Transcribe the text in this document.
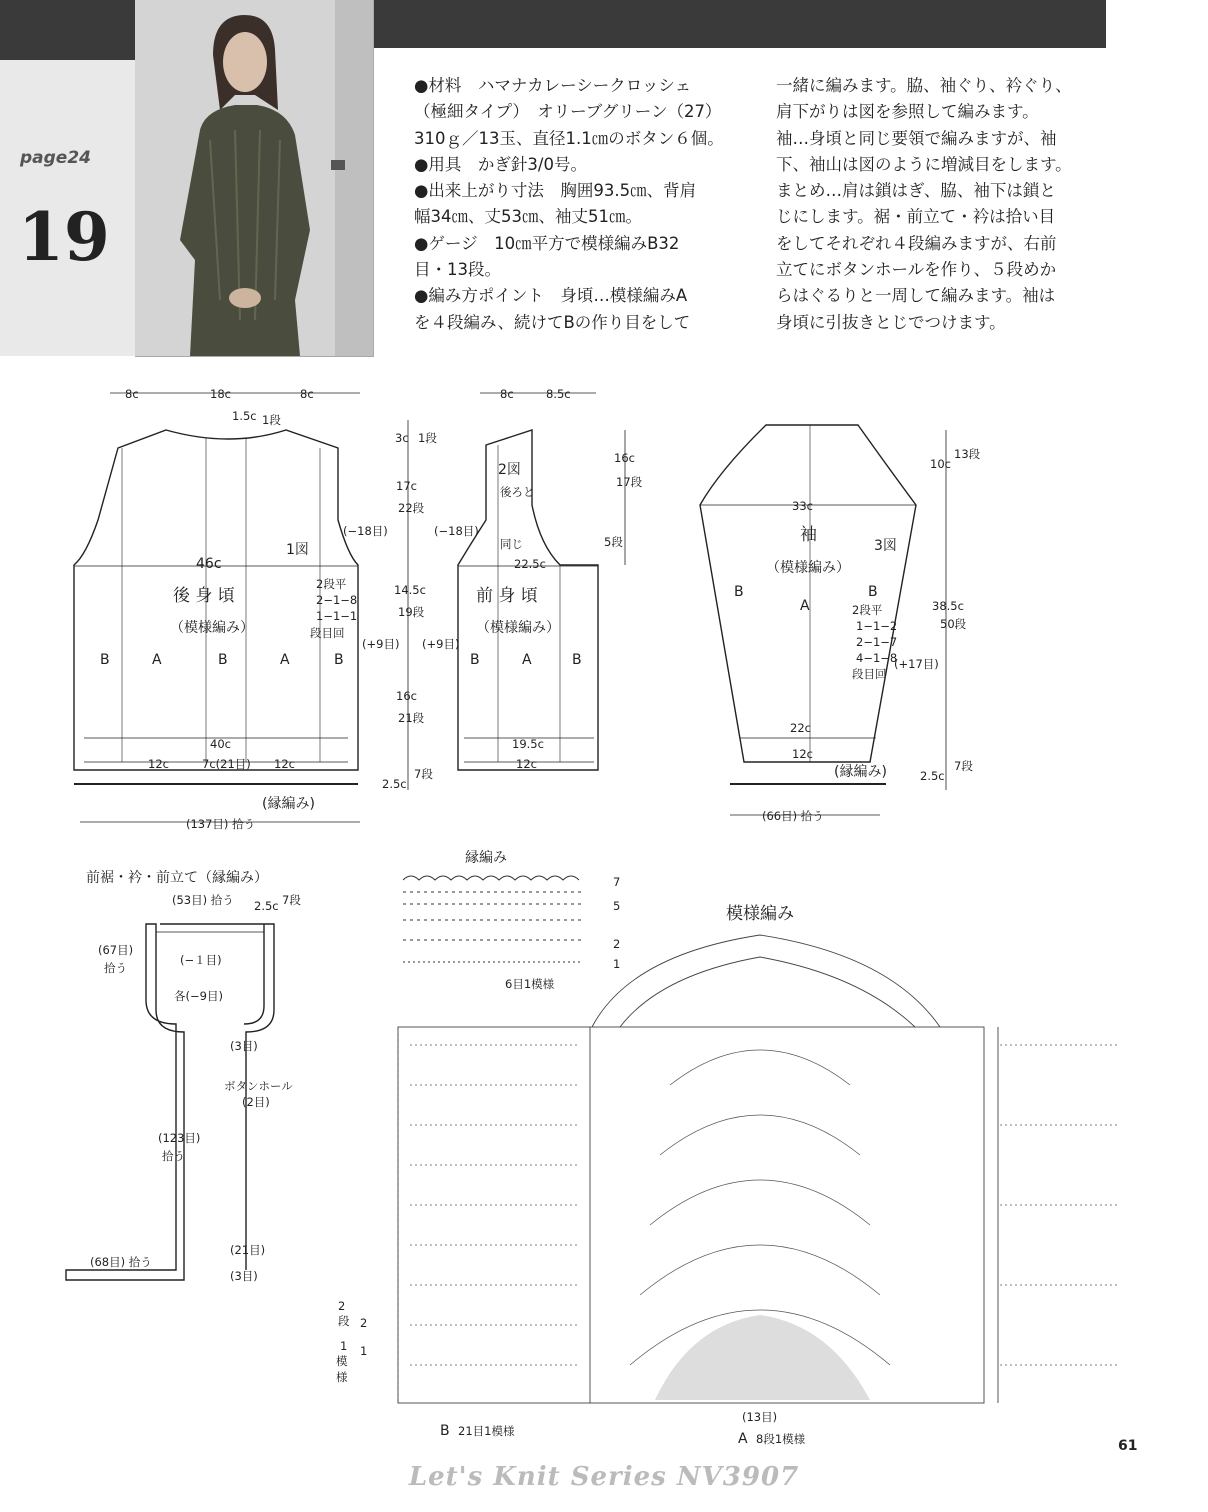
page24
19

●材料　ハマナカレーシークロッシェ

（極細タイプ）　オリーブグリーン（27）

310ｇ／13玉、直径1.1㎝のボタン６個。

●用具　かぎ針3/0号。

●出来上がり寸法　胸囲93.5㎝、背肩

幅34㎝、丈53㎝、袖丈51㎝。

●ゲージ　10㎝平方で模様編みB32

目・13段。

●編み方ポイント　身頃…模様編みA

を４段編み、続けてBの作り目をして

一緒に編みます。脇、袖ぐり、衿ぐり、

肩下がりは図を参照して編みます。

袖…身頃と同じ要領で編みますが、袖

下、袖山は図のように増減目をします。

まとめ…肩は鎖はぎ、脇、袖下は鎖と

じにします。裾・前立て・衿は拾い目

をしてそれぞれ４段編みますが、右前

立てにボタンホールを作り、５段めか

らはぐるりと一周して編みます。袖は

身頃に引抜きとじでつけます。

8c	18c	8c
1.5c 1段
1図
46c
(−18目)
後 身 頃
（模様編み）
2段平
2−1−8
1−1−1
段目回
(+9目)
B	A	B	A	B
40c
12c	7c(21目) 12c
(縁編み)
(137目) 拾う
3c 1段
17c
22段
14.5c
19段
16c
21段
2.5c
7段
8c	8.5c
2図
後ろと
同じ
(−18目)
22.5c
前 身 頃
（模様編み）
(+9目)
B	A	B
19.5c
12c
16c
17段
5段
33c
袖
3図
（模様編み）
B
A
B
2段平
1−1−2
2−1−7
4−1−8
段目回
(+17目)
22c
12c
(縁編み)
(66目) 拾う
10c
13段
38.5c
50段
2.5c
7段
前裾・衿・前立て（縁編み）
(53目) 拾う 2.5c 7段
(−１目)
(67目)
拾う
各(−9目)
(3目)
ボタンホール
(2目)
(123目)
拾う
(21目)
(68目) 拾う
(3目)
縁編み
7
5
2
1
6目1模様
模様編み
2
段
1
模
様
2
1
(13目)
B 21目1模様	A 8段1模様	61
Let's Knit Series NV3907
